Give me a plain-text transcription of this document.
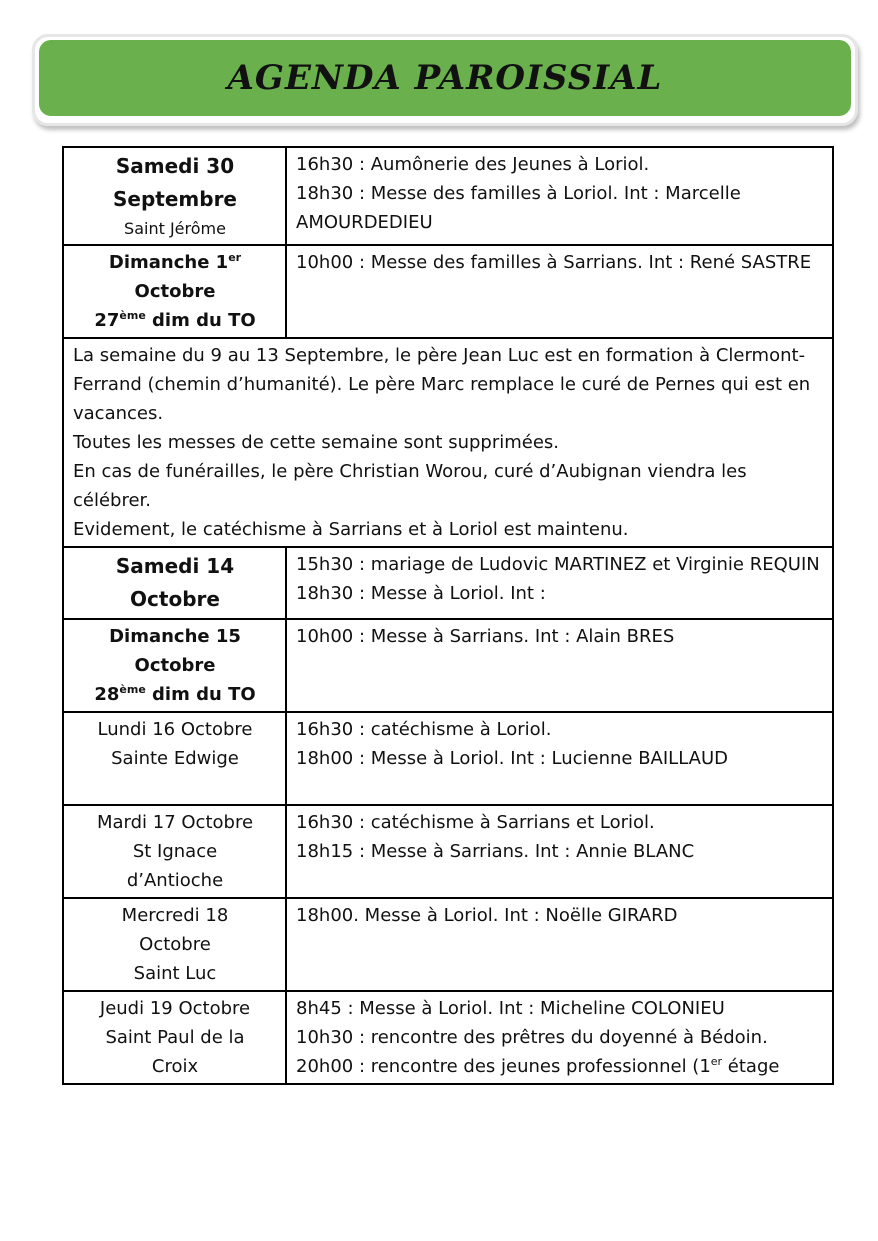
AGENDA PAROISSIAL
Samedi 30
Septembre
Saint Jérôme	16h30 : Aumônerie des Jeunes à Loriol.
18h30 : Messe des familles à Loriol. Int : Marcelle AMOURDEDIEU

Dimanche 1er
Octobre
27ème dim du TO	10h00 : Messe des familles à Sarrians. Int : René SASTRE

La semaine du 9 au 13 Septembre, le père Jean Luc est en formation à Clermont-Ferrand (chemin d’humanité). Le père Marc remplace le curé de Pernes qui est en vacances.
Toutes les messes de cette semaine sont supprimées.
En cas de funérailles, le père Christian Worou, curé d’Aubignan viendra les célébrer.
Evidement, le catéchisme à Sarrians et à Loriol est maintenu.	

Samedi 14
Octobre	15h30 : mariage de Ludovic MARTINEZ et Virginie REQUIN
18h30 : Messe à Loriol. Int :

Dimanche 15
Octobre
28ème dim du TO	10h00 : Messe à Sarrians. Int : Alain BRES

Lundi 16 Octobre
Sainte Edwige	16h30 : catéchisme à Loriol.
18h00 : Messe à Loriol. Int : Lucienne BAILLAUD

Mardi 17 Octobre
St Ignace
d’Antioche	16h30 : catéchisme à Sarrians et Loriol.
18h15 : Messe à Sarrians. Int : Annie BLANC

Mercredi 18
Octobre
Saint Luc	18h00. Messe à Loriol. Int : Noëlle GIRARD

Jeudi 19 Octobre
Saint Paul de la
Croix	8h45 : Messe à Loriol. Int : Micheline COLONIEU
10h30 : rencontre des prêtres du doyenné à Bédoin.
20h00 : rencontre des jeunes professionnel (1er étage
